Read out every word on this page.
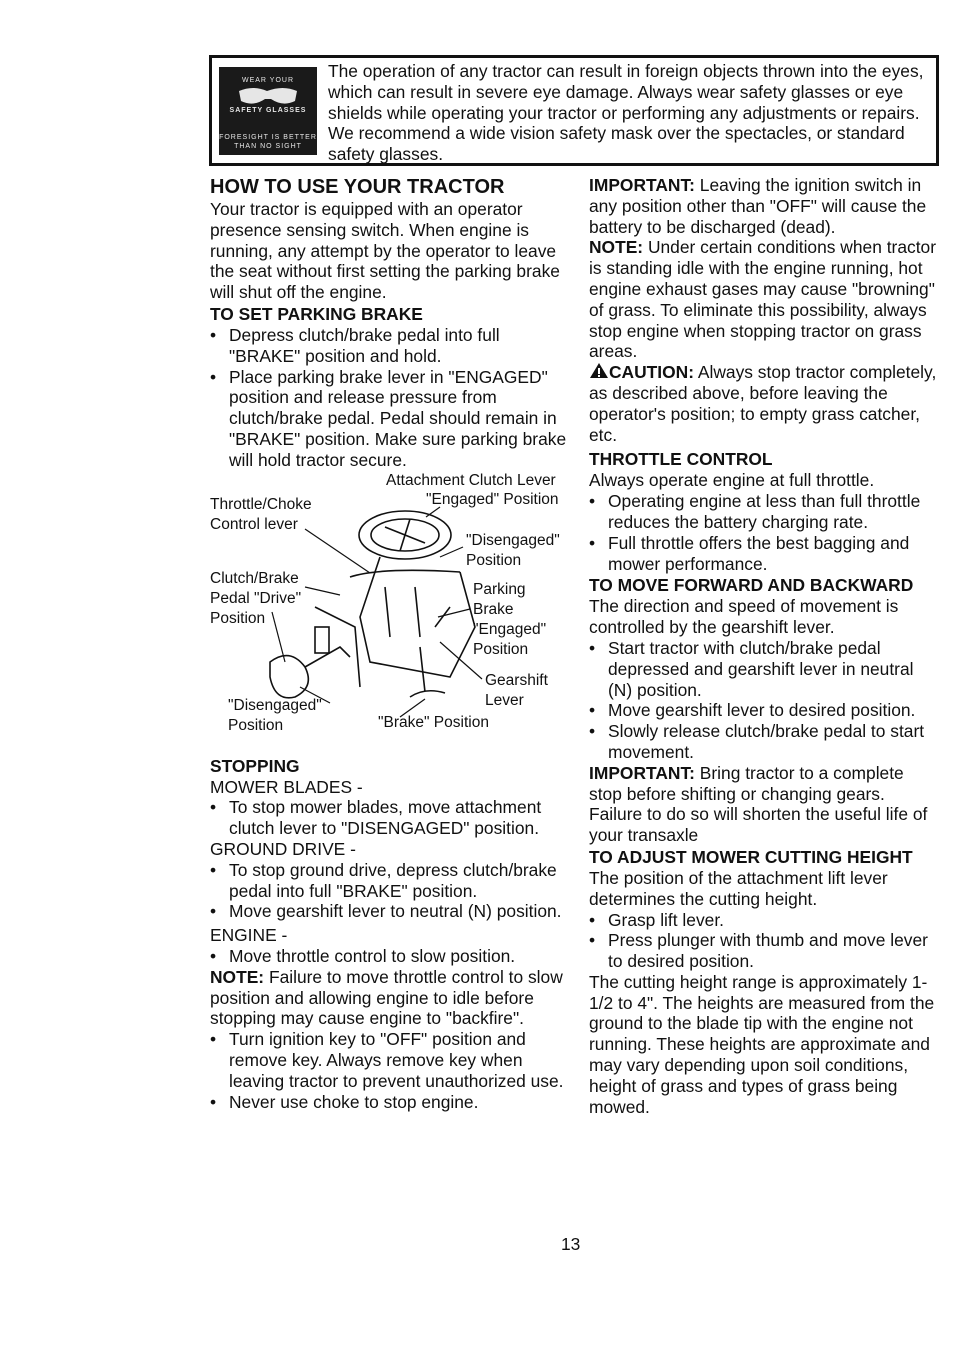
WEAR YOUR
SAFETY GLASSES
FORESIGHT IS BETTER
THAN NO SIGHT
The operation of any tractor can result in foreign objects thrown into the eyes, which can result in severe eye damage. Always wear safety glasses or eye shields while operating your tractor or performing any adjustments or repairs. We recommend a wide vision safety mask over the spectacles, or standard safety glasses.
HOW TO USE YOUR TRACTOR

Your tractor is equipped with an operator presence sensing switch. When engine is running, any attempt by the operator to leave the seat without first setting the parking brake will shut off the engine.

TO SET PARKING BRAKE
• Depress clutch/brake pedal into full "BRAKE" position and hold.
• Place parking brake lever in "ENGAGED" position and release pressure from clutch/brake pedal. Pedal should remain in "BRAKE" position. Make sure parking brake will hold tractor secure.
Attachment Clutch Lever
"Engaged" Position
Throttle/Choke
Control lever
"Disengaged"
Position
Clutch/Brake
Pedal "Drive"
Position
Parking
Brake
"Engaged"
Position
Gearshift
Lever
"Disengaged"
Position	"Brake" Position
STOPPING

MOWER BLADES -

• To stop mower blades, move attachment clutch lever to "DISENGAGED" position.

GROUND DRIVE -

• To stop ground drive, depress clutch/brake pedal into full "BRAKE" position.
• Move gearshift lever to neutral (N) position.

ENGINE -

• Move throttle control to slow position.

NOTE: Failure to move throttle control to slow position and allowing engine to idle before stopping may cause engine to "backfire".

• Turn ignition key to "OFF" position and remove key. Always remove key when leaving tractor to prevent unauthorized use.
• Never use choke to stop engine.

IMPORTANT: Leaving the ignition switch in any position other than "OFF" will cause the battery to be discharged (dead).

NOTE: Under certain conditions when tractor is standing idle with the engine running, hot engine exhaust gases may cause "browning" of grass. To eliminate this possibility, always stop engine when stopping tractor on grass areas.

CAUTION: Always stop tractor completely, as described above, before leaving the operator's position; to empty grass catcher, etc.

THROTTLE CONTROL

Always operate engine at full throttle.

• Operating engine at less than full throttle reduces the battery charging rate.
• Full throttle offers the best bagging and mower performance.
TO MOVE FORWARD AND BACKWARD

The direction and speed of movement is controlled by the gearshift lever.

• Start tractor with clutch/brake pedal depressed and gearshift lever in neutral (N) position.
• Move gearshift lever to desired position.
• Slowly release clutch/brake pedal to start movement.

IMPORTANT: Bring tractor to a complete stop before shifting or changing gears. Failure to do so will shorten the useful life of your transaxle

TO ADJUST MOWER CUTTING HEIGHT

The position of the attachment lift lever determines the cutting height.

• Grasp lift lever.
• Press plunger with thumb and move lever to desired position.

The cutting height range is approximately 1-1/2 to 4". The heights are measured from the ground to the blade tip with the engine not running. These heights are approximate and may vary depending upon soil conditions, height of grass and types of grass being mowed.

13
